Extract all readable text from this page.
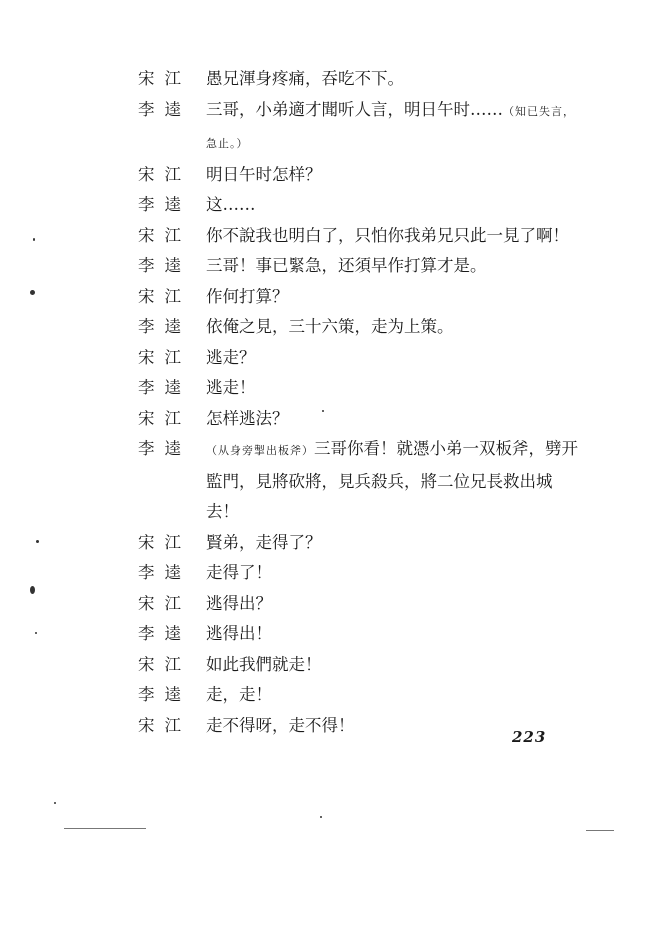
宋江 愚兄渾身疼痛，吞吃不下。
李逵 三哥，小弟適才聞听人言，明日午时……（知已失言，急止。）
宋江 明日午时怎样？
李逵 这……
宋江 你不說我也明白了，只怕你我弟兄只此一見了啊！
李逵 三哥！事已緊急，还須早作打算才是。
宋江 作何打算？
李逵 依俺之見，三十六策，走为上策。
宋江 逃走？
李逵 逃走！
宋江 怎样逃法？
李逵	（从身旁掣出板斧）三哥你看！就憑小弟一双板斧，劈开監門，見將砍將，見兵殺兵，將二位兄長救出城去！
宋江 賢弟，走得了？
李逵 走得了！
宋江 逃得出？
李逵 逃得出！
宋江 如此我們就走！
李逵 走，走！
宋江 走不得呀，走不得！
223
